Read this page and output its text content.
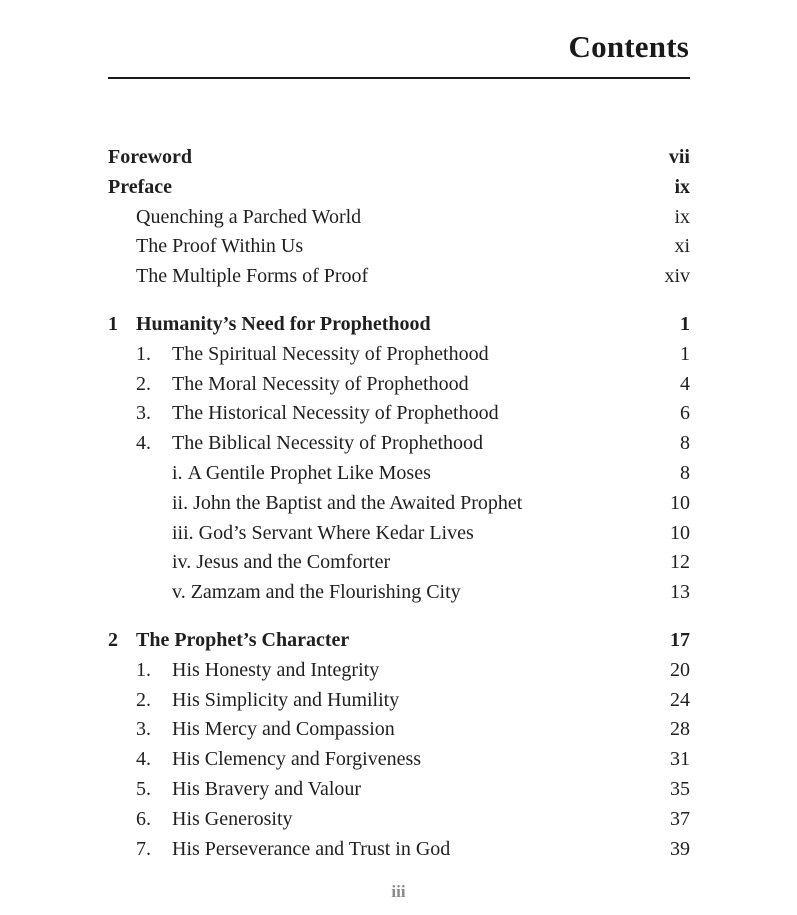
Contents
Foreword	vii
Preface	ix
Quenching a Parched World	ix
The Proof Within Us	xi
The Multiple Forms of Proof	xiv
1 Humanity’s Need for Prophethood	1
1.	The Spiritual Necessity of Prophethood	1
2.	The Moral Necessity of Prophethood	4
3.	The Historical Necessity of Prophethood	6
4.	The Biblical Necessity of Prophethood	8
i. A Gentile Prophet Like Moses	8
ii. John the Baptist and the Awaited Prophet	10
iii. God’s Servant Where Kedar Lives	10
iv. Jesus and the Comforter	12
v. Zamzam and the Flourishing City	13
2 The Prophet’s Character	17
1.	His Honesty and Integrity	20
2.	His Simplicity and Humility	24
3.	His Mercy and Compassion	28
4.	His Clemency and Forgiveness	31
5.	His Bravery and Valour	35
6.	His Generosity	37
7.	His Perseverance and Trust in God	39
iii
